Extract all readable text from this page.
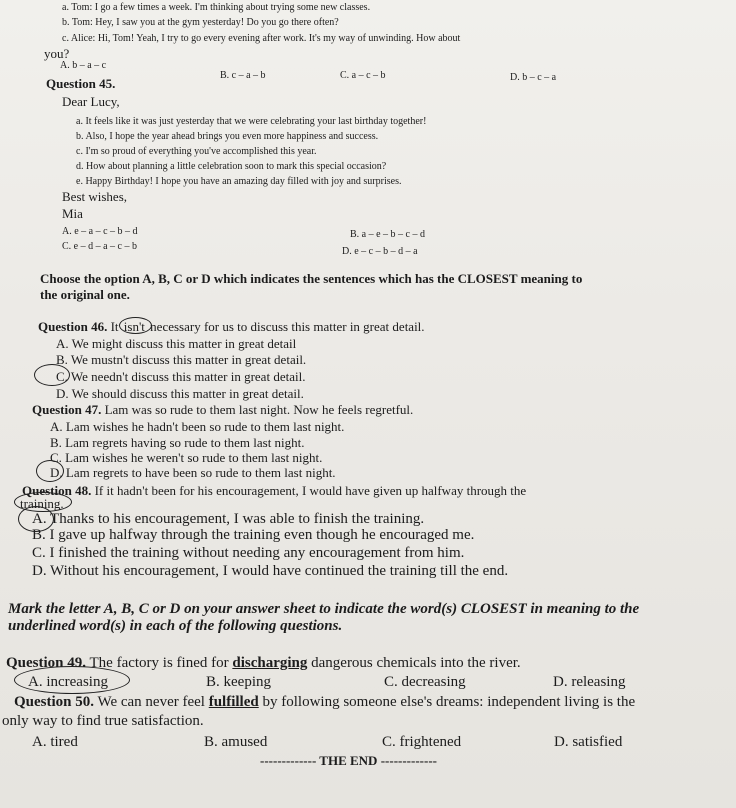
a. Tom: I go a few times a week. I'm thinking about trying some new classes.
b. Tom: Hey, I saw you at the gym yesterday! Do you go there often?
c. Alice: Hi, Tom! Yeah, I try to go every evening after work. It's my way of unwinding. How about
you?
A. b – a – c
B. c – a – b	C. a – c – b	D. b – c – a
Question 45.
Dear Lucy,
a. It feels like it was just yesterday that we were celebrating your last birthday together!
b. Also, I hope the year ahead brings you even more happiness and success.
c. I'm so proud of everything you've accomplished this year.
d. How about planning a little celebration soon to mark this special occasion?
e. Happy Birthday! I hope you have an amazing day filled with joy and surprises.
Best wishes,
Mia
A. e – a – c – b – d	B. a – e – b – c – d
C. e – d – a – c – b	D. e – c – b – d – a
Choose the option A, B, C or D which indicates the sentences which has the CLOSEST meaning to
the original one.
Question 46. It isn't necessary for us to discuss this matter in great detail.
A. We might discuss this matter in great detail
B. We mustn't discuss this matter in great detail.
C. We needn't discuss this matter in great detail.
D. We should discuss this matter in great detail.
Question 47. Lam was so rude to them last night. Now he feels regretful.
A. Lam wishes he hadn't been so rude to them last night.
B. Lam regrets having so rude to them last night.
C. Lam wishes he weren't so rude to them last night.
D. Lam regrets to have been so rude to them last night.
Question 48. If it hadn't been for his encouragement, I would have given up halfway through the
training.
A. Thanks to his encouragement, I was able to finish the training.
B. I gave up halfway through the training even though he encouraged me.
C. I finished the training without needing any encouragement from him.
D. Without his encouragement, I would have continued the training till the end.
Mark the letter A, B, C or D on your answer sheet to indicate the word(s) CLOSEST in meaning to the
underlined word(s) in each of the following questions.
Question 49. The factory is fined for discharging dangerous chemicals into the river.
A. increasing	B. keeping	C. decreasing	D. releasing
Question 50. We can never feel fulfilled by following someone else's dreams: independent living is the
only way to find true satisfaction.
A. tired	B. amused	C. frightened	D. satisfied
------------- THE END -------------
